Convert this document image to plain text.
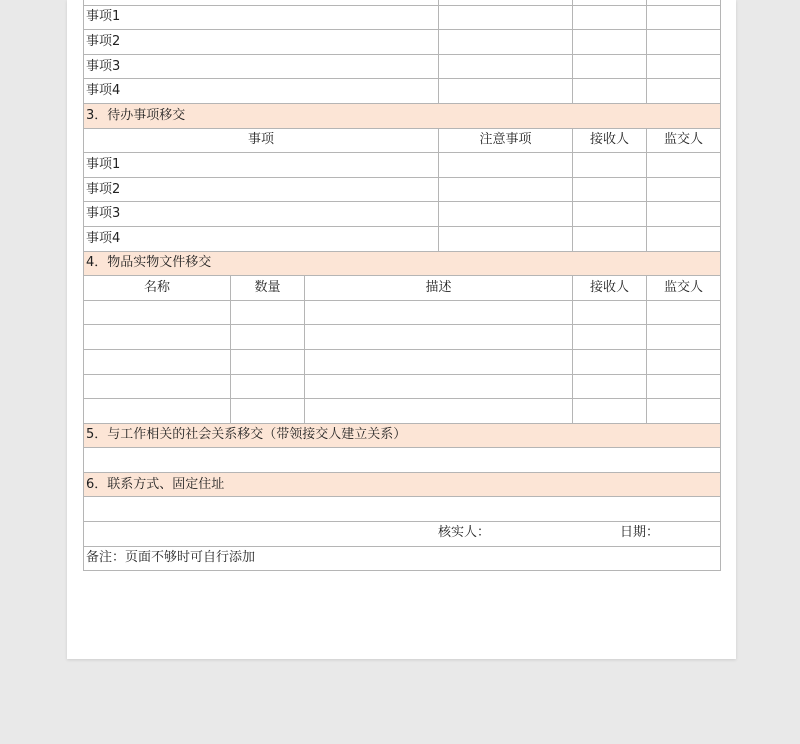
事项1					
事项2					
事项3					
事项4					
3．待办事项移交					
事项			注意事项	接收人	监交人
事项1					
事项2					
事项3					
事项4					
4．物品实物文件移交					
名称	数量	描述		接收人	监交人

5．与工作相关的社会关系移交（带领接交人建立关系）					

6．联系方式、固定住址					

核实人： 日期：					

备注：页面不够时可自行添加					
